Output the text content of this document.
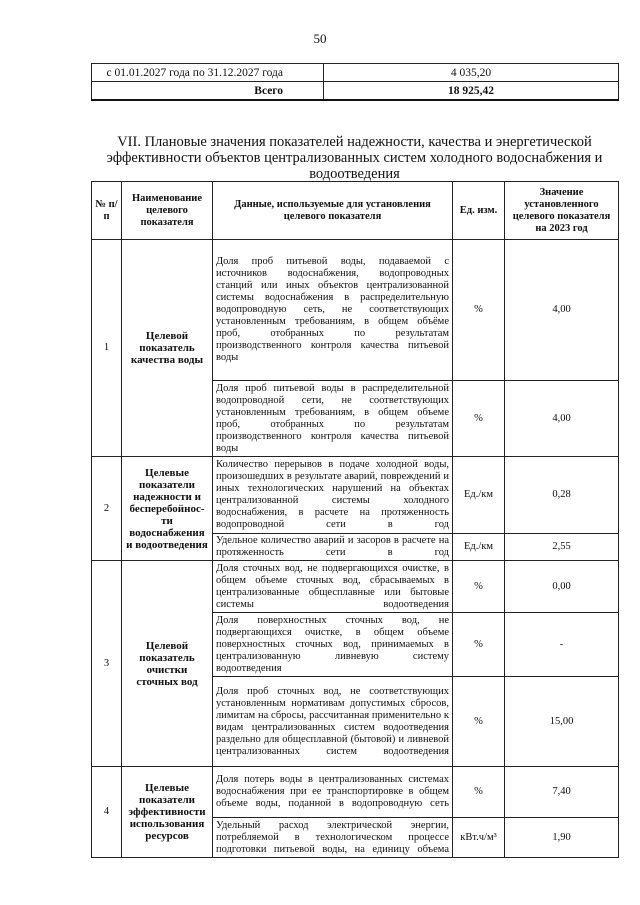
50
с 01.01.2027 года по 31.12.2027 года	4 035,20
Всего	18 925,42
VII. Плановые значения показателей надежности, качества и энергетической эффективности объектов централизованных систем холодного водоснабжения и водоотведения
№ п/п	Наименование целевого показателя	Данные, используемые для установления целевого показателя	Ед. изм.	Значение установленного целевого показателя на 2023 год
1	Целевой показатель качества воды	Доля проб питьевой воды, подаваемой с источников водоснабжения, водопроводных станций или иных объектов централизованной системы водоснабжения в распределительную водопроводную сеть, не соответствующих установленным требованиям, в общем объёме проб, отобранных по результатам производственного контроля качества питьевой воды	%	4,00
		Доля проб питьевой воды в распределительной водопроводной сети, не соответствующих установленным требованиям, в общем объеме проб, отобранных по результатам производственного контроля качества питьевой воды	%	4,00
2	Целевые показатели надежности и бесперебойнос-ти водоснабжения и водоотведения	Количество перерывов в подаче холодной воды, произошедших в результате аварий, повреждений и иных технологических нарушений на объектах централизованной системы холодного водоснабжения, в расчете на протяженность водопроводной сети в год	Ед./км	0,28
		Удельное количество аварий и засоров в расчете на протяженность сети в год	Ед./км	2,55
3	Целевой показатель очистки сточных вод	Доля сточных вод, не подвергающихся очистке, в общем объеме сточных вод, сбрасываемых в централизованные общесплавные или бытовые системы водоотведения	%	0,00
		Доля поверхностных сточных вод, не подвергающихся очистке, в общем объеме поверхностных сточных вод, принимаемых в централизованную ливневую систему водоотведения	%	-
		Доля проб сточных вод, не соответствующих установленным нормативам допустимых сбросов, лимитам на сбросы, рассчитанная применительно к видам централизованных систем водоотведения раздельно для общесплавной (бытовой) и ливневой централизованных систем водоотведения	%	15,00
4	Целевые показатели эффективности использования ресурсов	Доля потерь воды в централизованных системах водоснабжения при ее транспортировке в общем объеме воды, поданной в водопроводную сеть	%	7,40
		Удельный расход электрической энергии, потребляемой в технологическом процессе подготовки питьевой воды, на единицу объема	кВт.ч/м³	1,90
